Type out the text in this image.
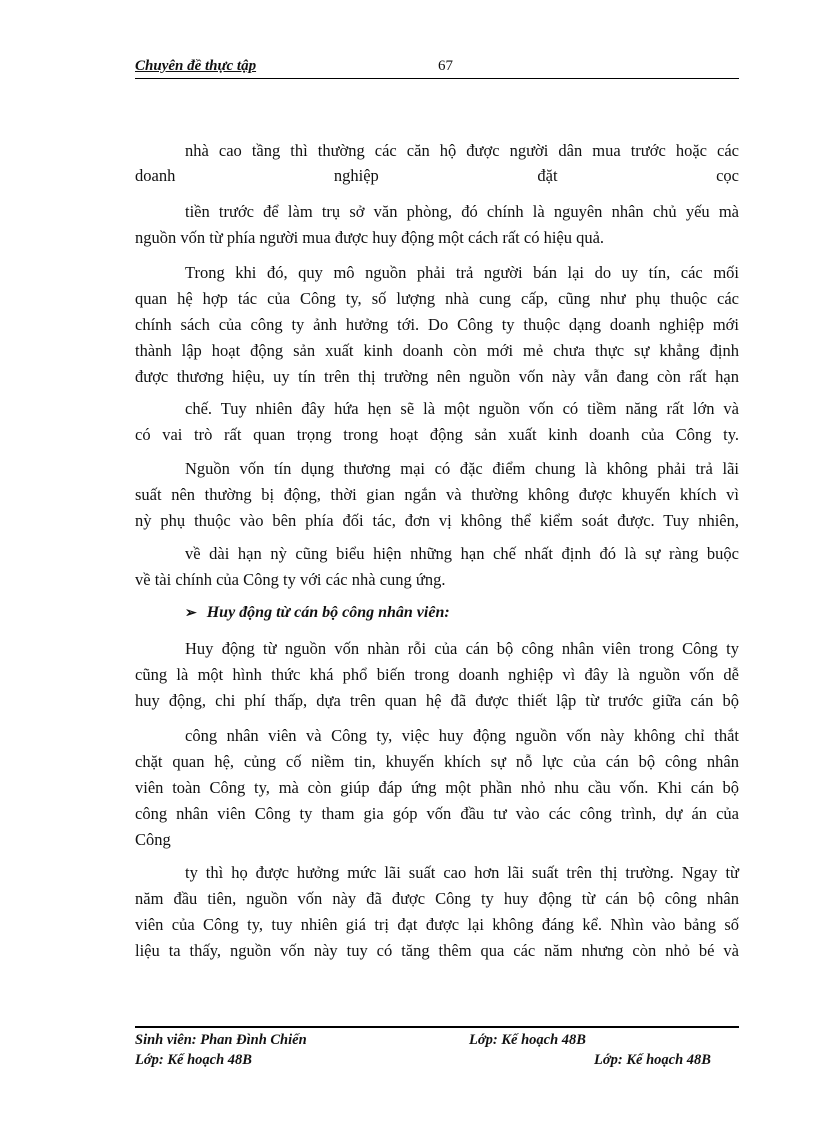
Chuyên đề thực tập	67
nhà cao tầng thì thường các căn hộ được người dân mua trước hoặc các
doanh nghiệp đặt cọc
tiền trước để làm trụ sở văn phòng, đó chính là nguyên nhân chủ yếu mà
nguồn vốn từ phía người mua được huy động một cách rất có hiệu quả.
Trong khi đó, quy mô nguồn phải trả người bán lại do uy tín, các mối
quan hệ hợp tác của Công ty, số lượng nhà cung cấp, cũng như phụ thuộc các
chính sách của công ty ảnh hưởng tới. Do Công ty thuộc dạng doanh nghiệp mới
thành lập hoạt động sản xuất kinh doanh còn mới mẻ chưa thực sự khẳng định
được thương hiệu, uy tín trên thị trường nên nguồn vốn này vẫn đang còn rất hạn
chế. Tuy nhiên đây hứa hẹn sẽ là một nguồn vốn có tiềm năng rất lớn và
có vai trò rất quan trọng trong hoạt động sản xuất kinh doanh của Công ty.
Nguồn vốn tín dụng thương mại có đặc điểm chung là không phải trả lãi
suất nên thường bị động, thời gian ngắn và thường không được khuyến khích vì
nỳ phụ thuộc vào bên phía đối tác, đơn vị không thể kiểm soát được. Tuy nhiên,
về dài hạn nỳ cũng biểu hiện những hạn chế nhất định đó là sự ràng buộc
về tài chính của Công ty với các nhà cung ứng.
➢ Huy động từ cán bộ công nhân viên:
Huy động từ nguồn vốn nhàn rỗi của cán bộ công nhân viên trong Công ty
cũng là một hình thức khá phổ biến trong doanh nghiệp vì đây là nguồn vốn dễ
huy động, chi phí thấp, dựa trên quan hệ đã được thiết lập từ trước giữa cán bộ
công nhân viên và Công ty, việc huy động nguồn vốn này không chỉ thắt
chặt quan hệ, củng cố niềm tin, khuyến khích sự nỗ lực của cán bộ công nhân
viên toàn Công ty, mà còn giúp đáp ứng một phần nhỏ nhu cầu vốn. Khi cán bộ
công nhân viên Công ty tham gia góp vốn đầu tư vào các công trình, dự án của
Công
ty thì họ được hưởng mức lãi suất cao hơn lãi suất trên thị trường. Ngay từ
năm đầu tiên, nguồn vốn này đã được Công ty huy động từ cán bộ công nhân
viên của Công ty, tuy nhiên giá trị đạt được lại không đáng kể. Nhìn vào bảng số
liệu ta thấy, nguồn vốn này tuy có tăng thêm qua các năm nhưng còn nhỏ bé và
Sinh viên: Phan Đình Chiến	Lớp: Kế hoạch 48B
Lớp: Kế hoạch 48B	Lớp: Kế hoạch 48B
